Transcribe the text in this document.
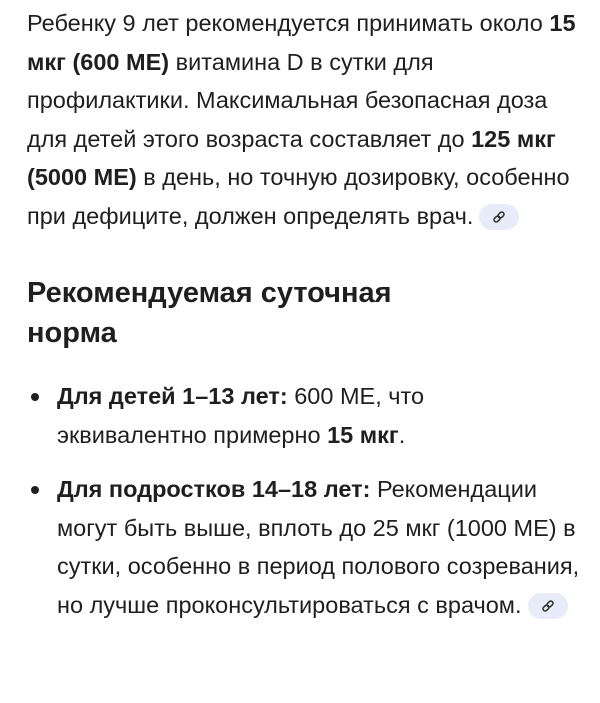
Ребенку 9 лет рекомендуется принимать около 15 мкг (600 МЕ) витамина D в сутки для профилактики. Максимальная безопасная доза для детей этого возраста составляет до 125 мкг (5000 МЕ) в день, но точную дозировку, особенно при дефиците, должен определять врач.

Рекомендуемая суточная норма
Для детей 1–13 лет: 600 МЕ, что эквивалентно примерно 15 мкг.
Для подростков 14–18 лет: Рекомендации могут быть выше, вплоть до 25 мкг (1000 МЕ) в сутки, особенно в период полового созревания, но лучше проконсультироваться с врачом.
